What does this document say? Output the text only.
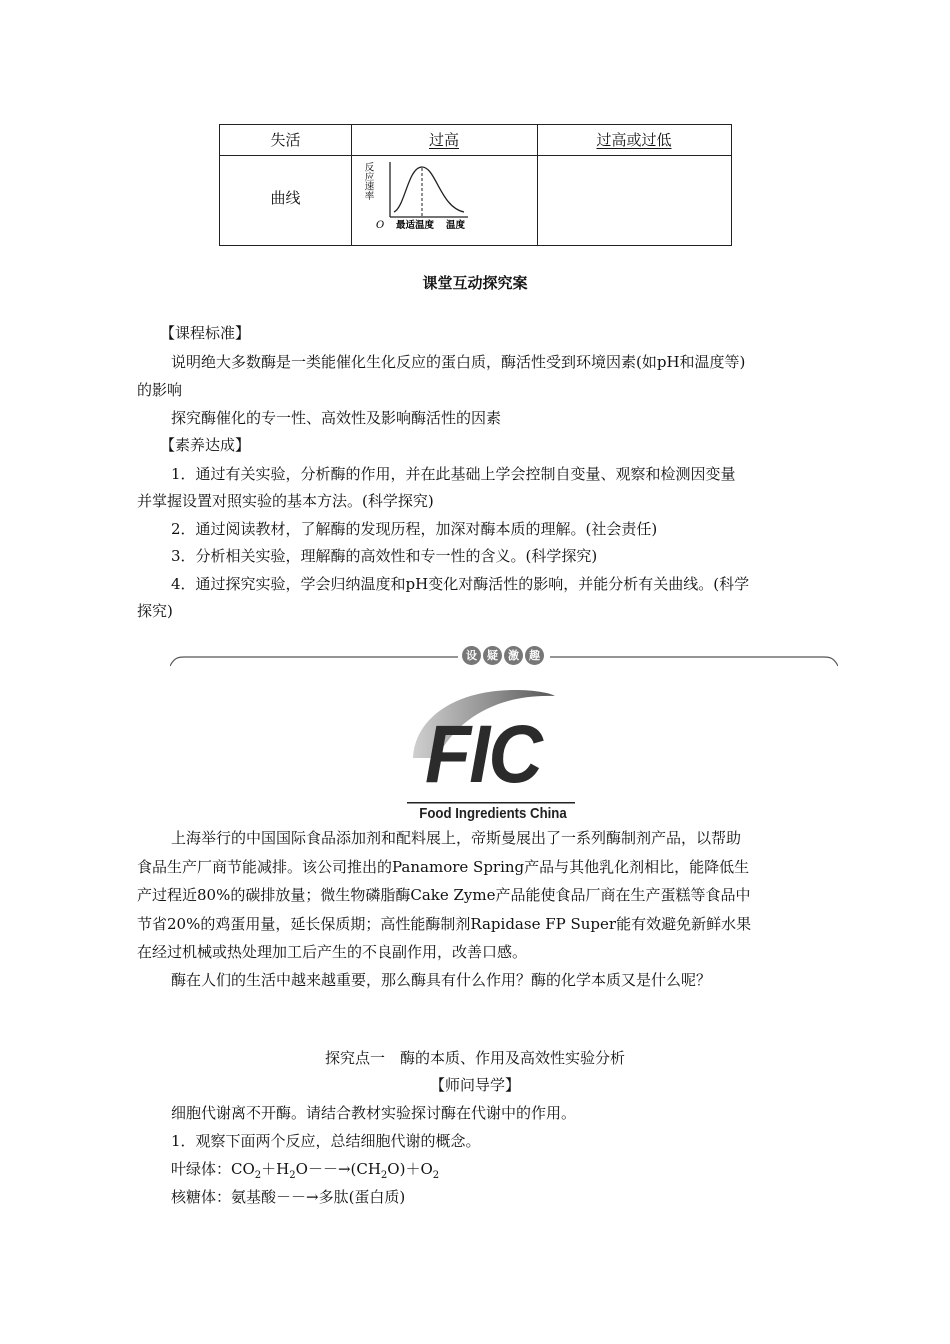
失活	过高	过高或过低
曲线	反应速率
O 最适温度 温度
课堂互动探究案
【课程标准】
说明绝大多数酶是一类能催化生化反应的蛋白质，酶活性受到环境因素(如pH和温度等)
的影响
探究酶催化的专一性、高效性及影响酶活性的因素
【素养达成】
1．通过有关实验，分析酶的作用，并在此基础上学会控制自变量、观察和检测因变量
并掌握设置对照实验的基本方法。(科学探究)
2．通过阅读教材，了解酶的发现历程，加深对酶本质的理解。(社会责任)
3．分析相关实验，理解酶的高效性和专一性的含义。(科学探究)
4．通过探究实验，学会归纳温度和pH变化对酶活性的影响，并能分析有关曲线。(科学
探究)
设 疑 激 趣
FIC
Food Ingredients China
上海举行的中国国际食品添加剂和配料展上，帝斯曼展出了一系列酶制剂产品，以帮助
食品生产厂商节能减排。该公司推出的Panamore Spring产品与其他乳化剂相比，能降低生
产过程近80%的碳排放量；微生物磷脂酶Cake Zyme产品能使食品厂商在生产蛋糕等食品中
节省20%的鸡蛋用量，延长保质期；高性能酶制剂Rapidase FP Super能有效避免新鲜水果
在经过机械或热处理加工后产生的不良副作用，改善口感。
酶在人们的生活中越来越重要，那么酶具有什么作用？酶的化学本质又是什么呢？
探究点一　酶的本质、作用及高效性实验分析
【师问导学】
细胞代谢离不开酶。请结合教材实验探讨酶在代谢中的作用。
1．观察下面两个反应，总结细胞代谢的概念。
叶绿体：$CO_2+H_2O--\to(CH_2O)+O_2$
核糖体：氨基酸－－→多肽(蛋白质)
